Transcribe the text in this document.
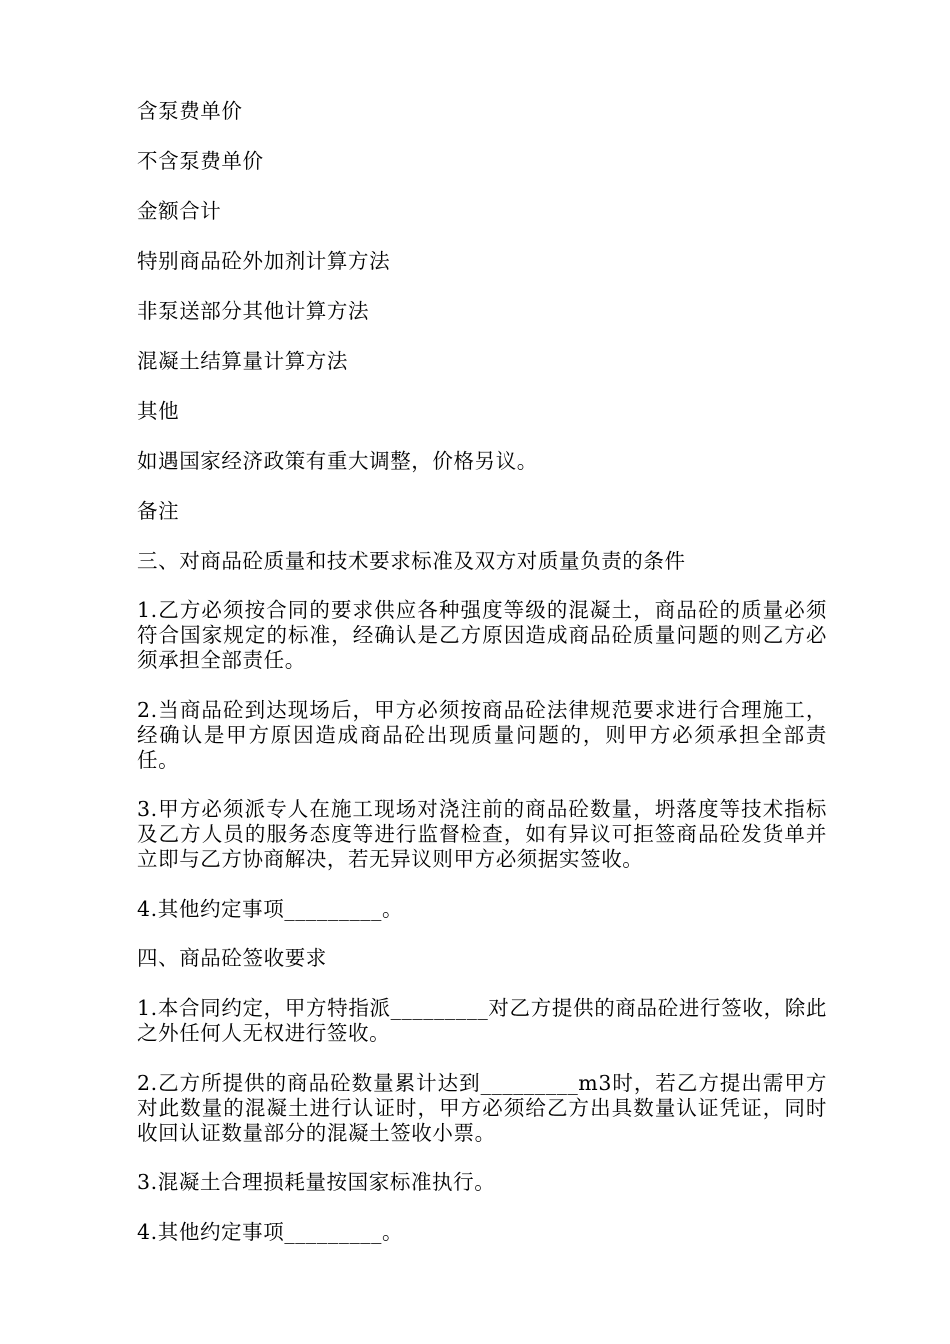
含泵费单价

不含泵费单价

金额合计

特别商品砼外加剂计算方法

非泵送部分其他计算方法

混凝土结算量计算方法

其他

如遇国家经济政策有重大调整，价格另议。

备注

三、对商品砼质量和技术要求标准及双方对质量负责的条件

1.乙方必须按合同的要求供应各种强度等级的混凝土，商品砼的质量必须符合国家规定的标准，经确认是乙方原因造成商品砼质量问题的则乙方必须承担全部责任。

2.当商品砼到达现场后，甲方必须按商品砼法律规范要求进行合理施工，经确认是甲方原因造成商品砼出现质量问题的，则甲方必须承担全部责任。

3.甲方必须派专人在施工现场对浇注前的商品砼数量，坍落度等技术指标及乙方人员的服务态度等进行监督检查，如有异议可拒签商品砼发货单并立即与乙方协商解决，若无异议则甲方必须据实签收。

4.其他约定事项_________。

四、商品砼签收要求

1.本合同约定，甲方特指派_________对乙方提供的商品砼进行签收，除此之外任何人无权进行签收。

2.乙方所提供的商品砼数量累计达到_________m3时，若乙方提出需甲方对此数量的混凝土进行认证时，甲方必须给乙方出具数量认证凭证，同时收回认证数量部分的混凝土签收小票。

3.混凝土合理损耗量按国家标准执行。

4.其他约定事项_________。
